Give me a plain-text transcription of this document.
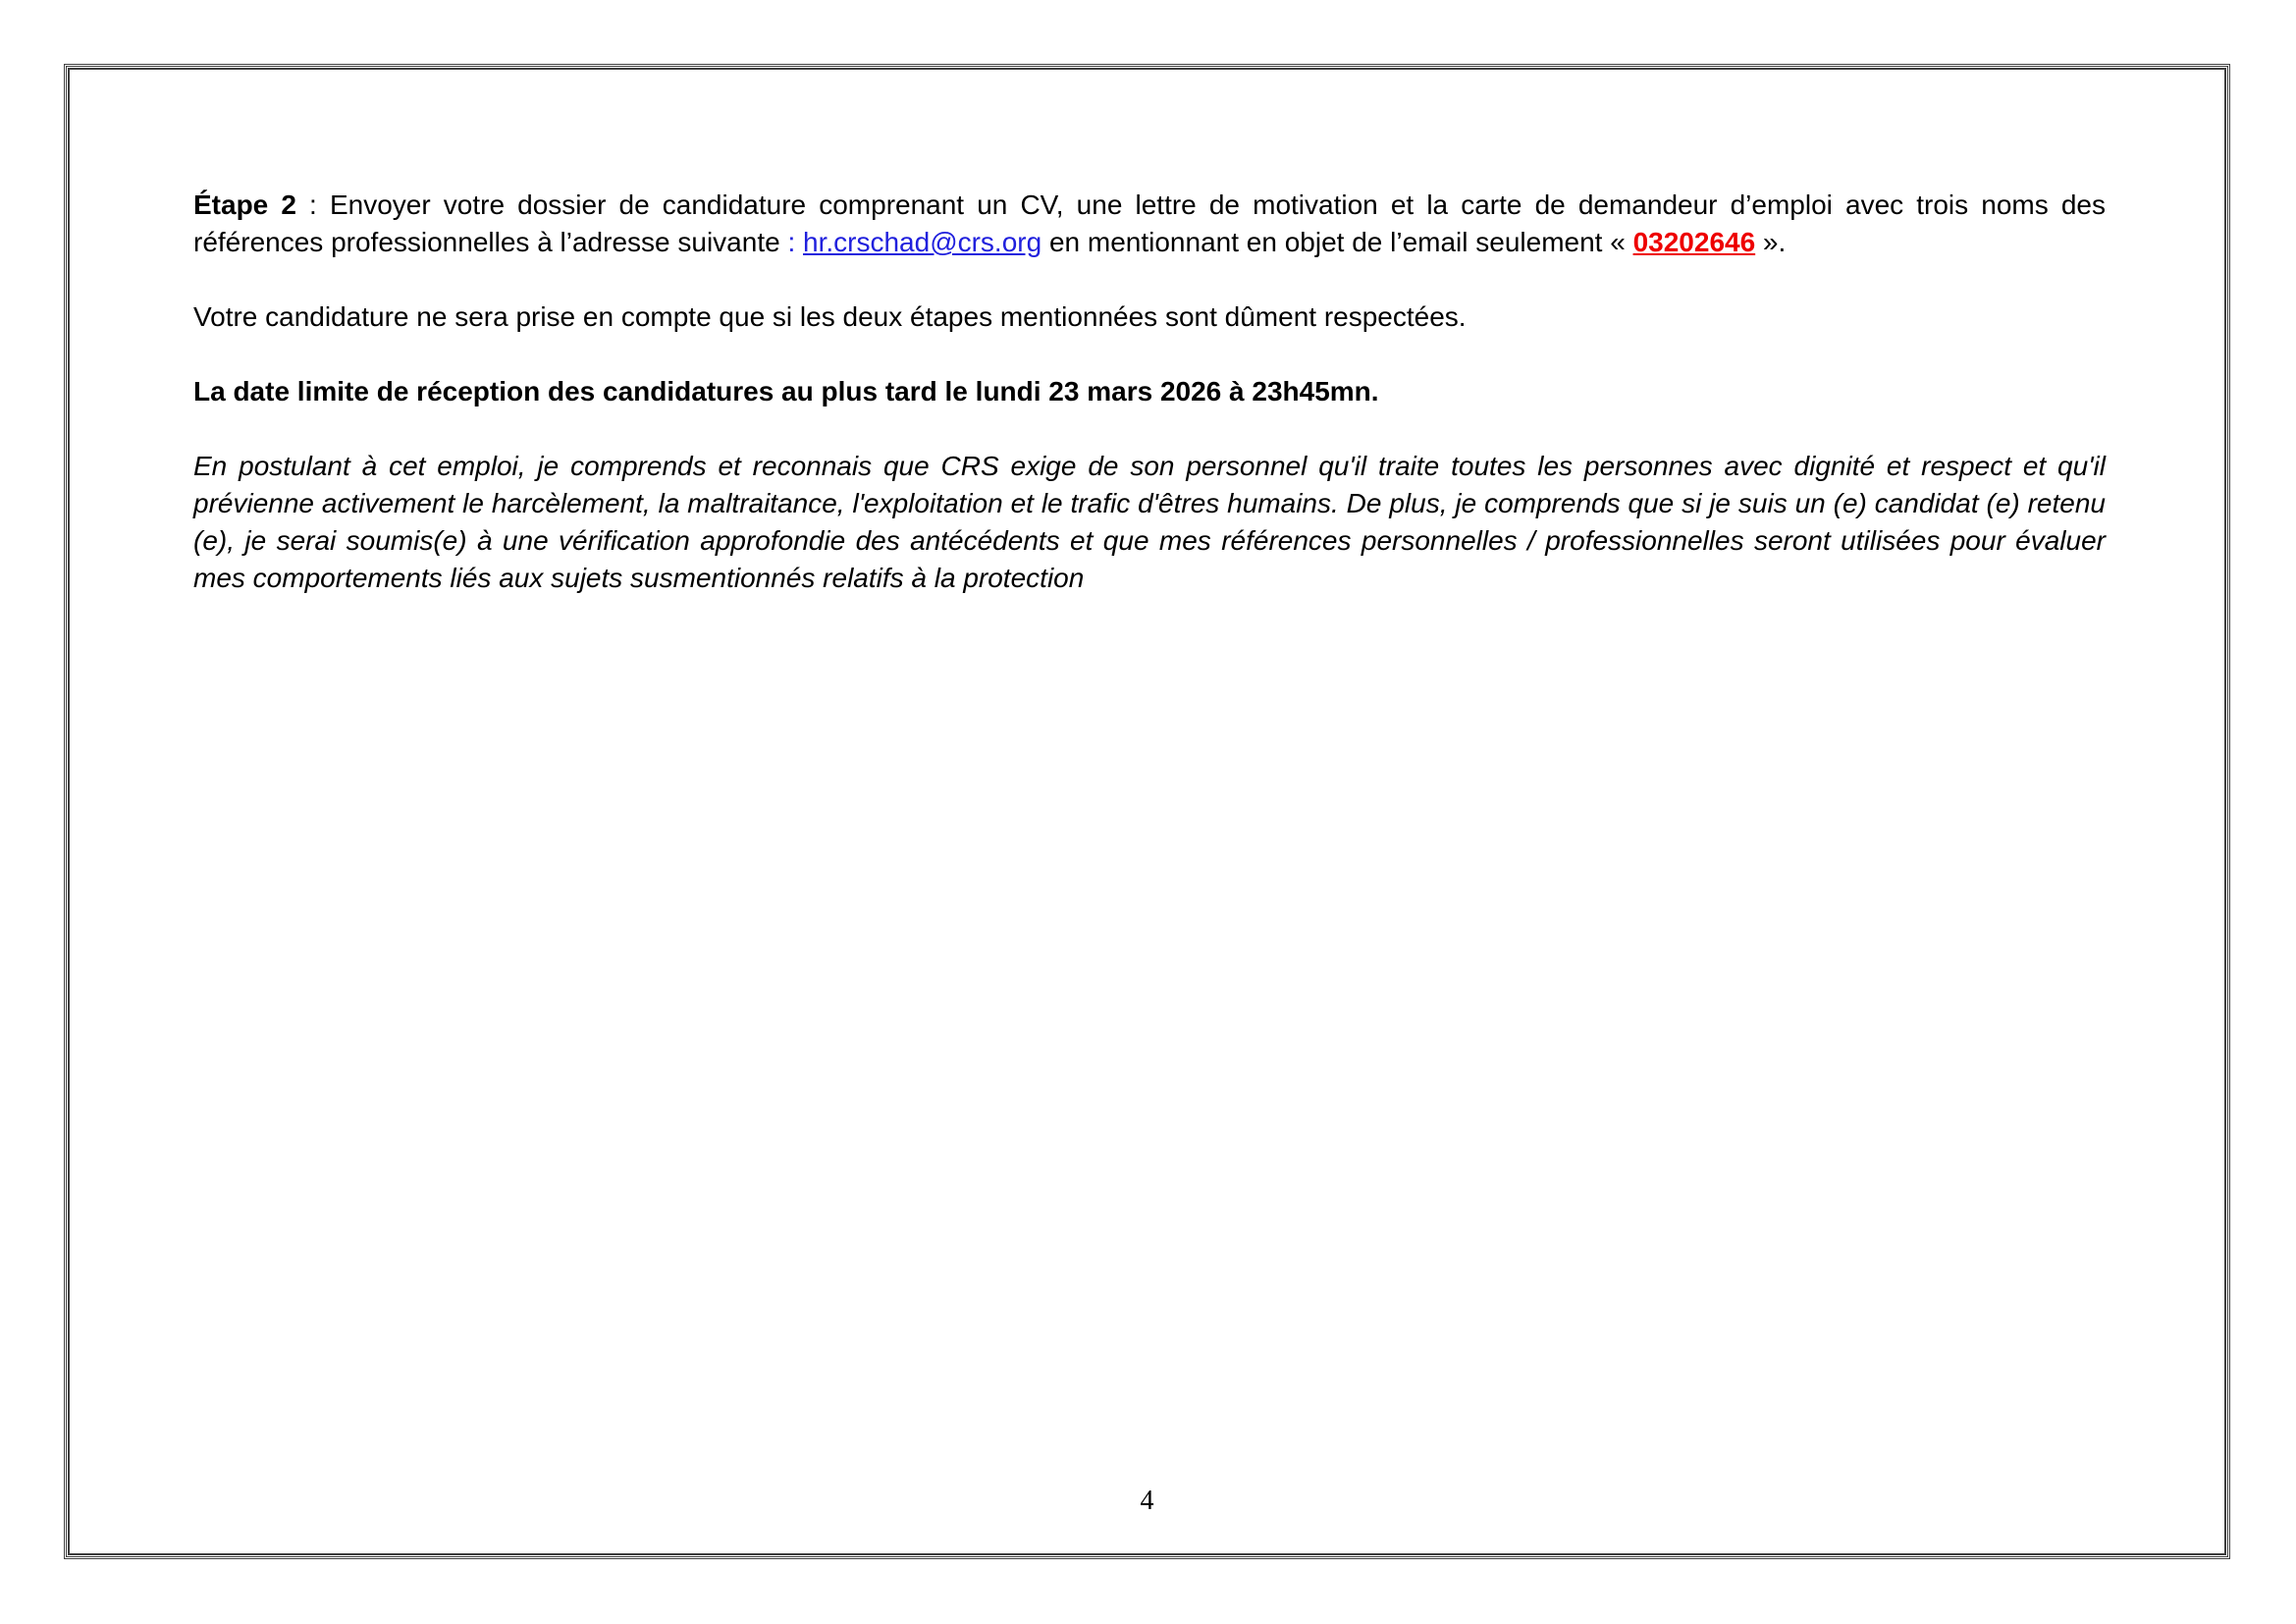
Étape 2 : Envoyer votre dossier de candidature comprenant un CV, une lettre de motivation et la carte de demandeur d’emploi avec trois noms des références professionnelles à l’adresse suivante : hr.crschad@crs.org en mentionnant en objet de l’email seulement « 03202646 ».

Votre candidature ne sera prise en compte que si les deux étapes mentionnées sont dûment respectées.

La date limite de réception des candidatures au plus tard le lundi 23 mars 2026 à 23h45mn.

En postulant à cet emploi, je comprends et reconnais que CRS exige de son personnel qu'il traite toutes les personnes avec dignité et respect et qu'il prévienne activement le harcèlement, la maltraitance, l'exploitation et le trafic d'êtres humains. De plus, je comprends que si je suis un (e) candidat (e) retenu (e), je serai soumis(e) à une vérification approfondie des antécédents et que mes références personnelles / professionnelles seront utilisées pour évaluer mes comportements liés aux sujets susmentionnés relatifs à la protection

4
